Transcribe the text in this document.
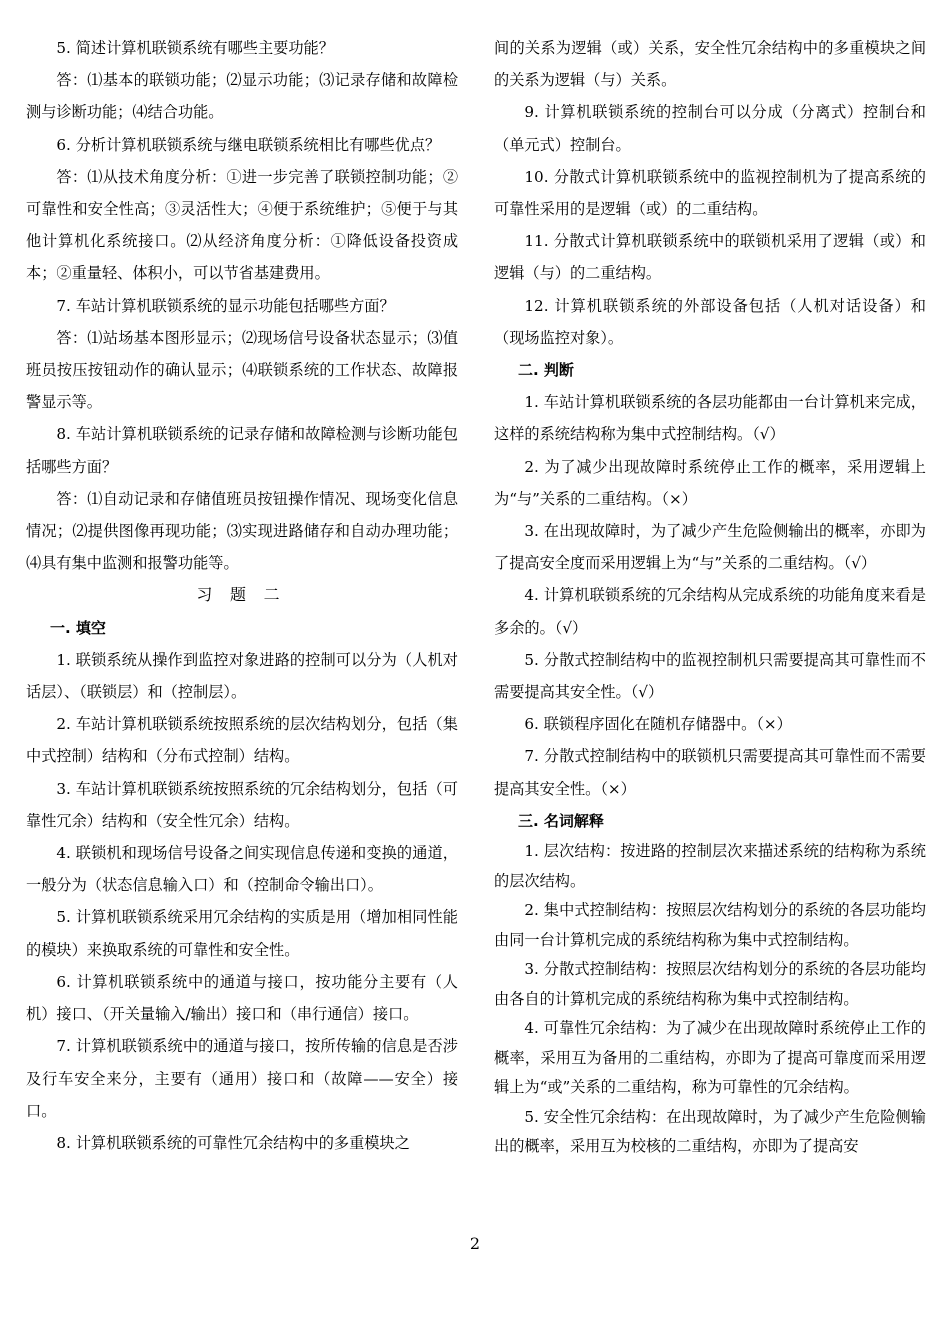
5. 简述计算机联锁系统有哪些主要功能？

答：⑴基本的联锁功能；⑵显示功能；⑶记录存储和故障检测与诊断功能；⑷结合功能。

6. 分析计算机联锁系统与继电联锁系统相比有哪些优点？

答：⑴从技术角度分析：①进一步完善了联锁控制功能；②可靠性和安全性高；③灵活性大；④便于系统维护；⑤便于与其他计算机化系统接口。⑵从经济角度分析：①降低设备投资成本；②重量轻、体积小，可以节省基建费用。

7. 车站计算机联锁系统的显示功能包括哪些方面？

答：⑴站场基本图形显示；⑵现场信号设备状态显示；⑶值班员按压按钮动作的确认显示；⑷联锁系统的工作状态、故障报警显示等。

8. 车站计算机联锁系统的记录存储和故障检测与诊断功能包括哪些方面？

答：⑴自动记录和存储值班员按钮操作情况、现场变化信息情况；⑵提供图像再现功能；⑶实现进路储存和自动办理功能；⑷具有集中监测和报警功能等。

习题二

一. 填空

1. 联锁系统从操作到监控对象进路的控制可以分为（人机对话层）、（联锁层）和（控制层）。

2. 车站计算机联锁系统按照系统的层次结构划分，包括（集中式控制）结构和（分布式控制）结构。

3. 车站计算机联锁系统按照系统的冗余结构划分，包括（可靠性冗余）结构和（安全性冗余）结构。

4. 联锁机和现场信号设备之间实现信息传递和变换的通道，一般分为（状态信息输入口）和（控制命令输出口）。

5. 计算机联锁系统采用冗余结构的实质是用（增加相同性能的模块）来换取系统的可靠性和安全性。

6. 计算机联锁系统中的通道与接口，按功能分主要有（人机）接口、（开关量输入/输出）接口和（串行通信）接口。

7. 计算机联锁系统中的通道与接口，按所传输的信息是否涉及行车安全来分，主要有（通用）接口和（故障——安全）接口。

8. 计算机联锁系统的可靠性冗余结构中的多重模块之

间的关系为逻辑（或）关系，安全性冗余结构中的多重模块之间的关系为逻辑（与）关系。

9. 计算机联锁系统的控制台可以分成（分离式）控制台和（单元式）控制台。

10. 分散式计算机联锁系统中的监视控制机为了提高系统的可靠性采用的是逻辑（或）的二重结构。

11. 分散式计算机联锁系统中的联锁机采用了逻辑（或）和逻辑（与）的二重结构。

12. 计算机联锁系统的外部设备包括（人机对话设备）和（现场监控对象）。

二. 判断

1. 车站计算机联锁系统的各层功能都由一台计算机来完成，这样的系统结构称为集中式控制结构。（√）

2. 为了减少出现故障时系统停止工作的概率，采用逻辑上为“与”关系的二重结构。（×）

3. 在出现故障时，为了减少产生危险侧输出的概率，亦即为了提高安全度而采用逻辑上为“与”关系的二重结构。（√）

4. 计算机联锁系统的冗余结构从完成系统的功能角度来看是多余的。（√）

5. 分散式控制结构中的监视控制机只需要提高其可靠性而不需要提高其安全性。（√）

6. 联锁程序固化在随机存储器中。（×）

7. 分散式控制结构中的联锁机只需要提高其可靠性而不需要提高其安全性。（×）

三. 名词解释

1. 层次结构：按进路的控制层次来描述系统的结构称为系统的层次结构。

2. 集中式控制结构：按照层次结构划分的系统的各层功能均由同一台计算机完成的系统结构称为集中式控制结构。

3. 分散式控制结构：按照层次结构划分的系统的各层功能均由各自的计算机完成的系统结构称为集中式控制结构。

4. 可靠性冗余结构：为了减少在出现故障时系统停止工作的概率，采用互为备用的二重结构，亦即为了提高可靠度而采用逻辑上为“或”关系的二重结构，称为可靠性的冗余结构。

5. 安全性冗余结构：在出现故障时，为了减少产生危险侧输出的概率，采用互为校核的二重结构，亦即为了提高安

2
